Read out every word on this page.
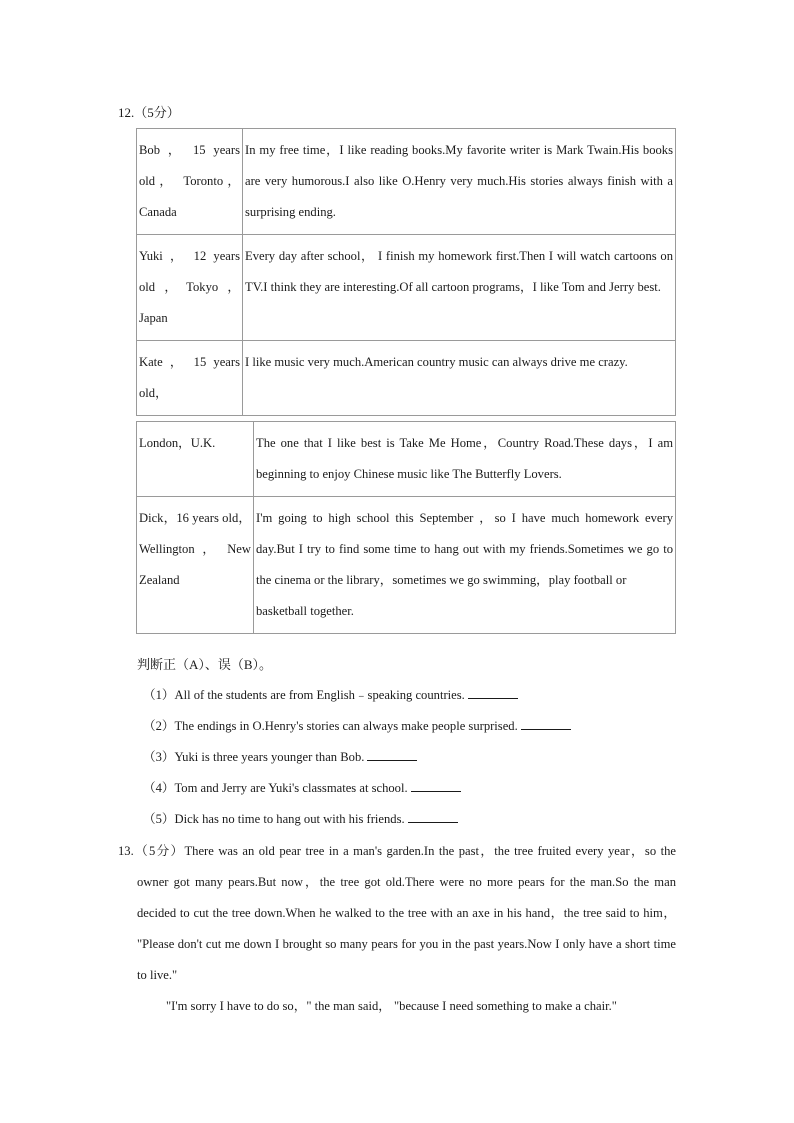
12.（5分）
Bob ， 15 years old， Toronto， Canada	In my free time，I like reading books.My favorite writer is Mark Twain.His books are very humorous.I also like O.Henry very much.His stories always finish with a surprising ending.
Yuki ， 12 years old，Tokyo，Japan	Every day after school， I finish my homework first.Then I will watch cartoons on TV.I think they are interesting.Of all cartoon programs，I like Tom and Jerry best.
Kate ， 15 years old，	I like music very much.American country music can always drive me crazy.
London，U.K.	The one that I like best is Take Me Home，Country Road.These days，I am beginning to enjoy Chinese music like The Butterfly Lovers.
Dick，16 years old，Wellington ， New Zealand	I'm going to high school this September ，so I have much homework every day.But I try to find some time to hang out with my friends.Sometimes we go to the cinema or the library，sometimes we go swimming，play football or
basketball together.
判断正（A）、误（B）。
（1）All of the students are from English﹣speaking countries.
（2）The endings in O.Henry's stories can always make people surprised.
（3）Yuki is three years younger than Bob.
（4）Tom and Jerry are Yuki's classmates at school.
（5）Dick has no time to hang out with his friends.

13.（5分）There was an old pear tree in a man's garden.In the past，the tree fruited every year，so the owner got many pears.But now，the tree got old.There were no more pears for the man.So the man decided to cut the tree down.When he walked to the tree with an axe in his hand，the tree said to him， "Please don't cut me down I brought so many pears for you in the past years.Now I only have a short time to live."

"I'm sorry I have to do so，" the man said， "because I need something to make a chair."
